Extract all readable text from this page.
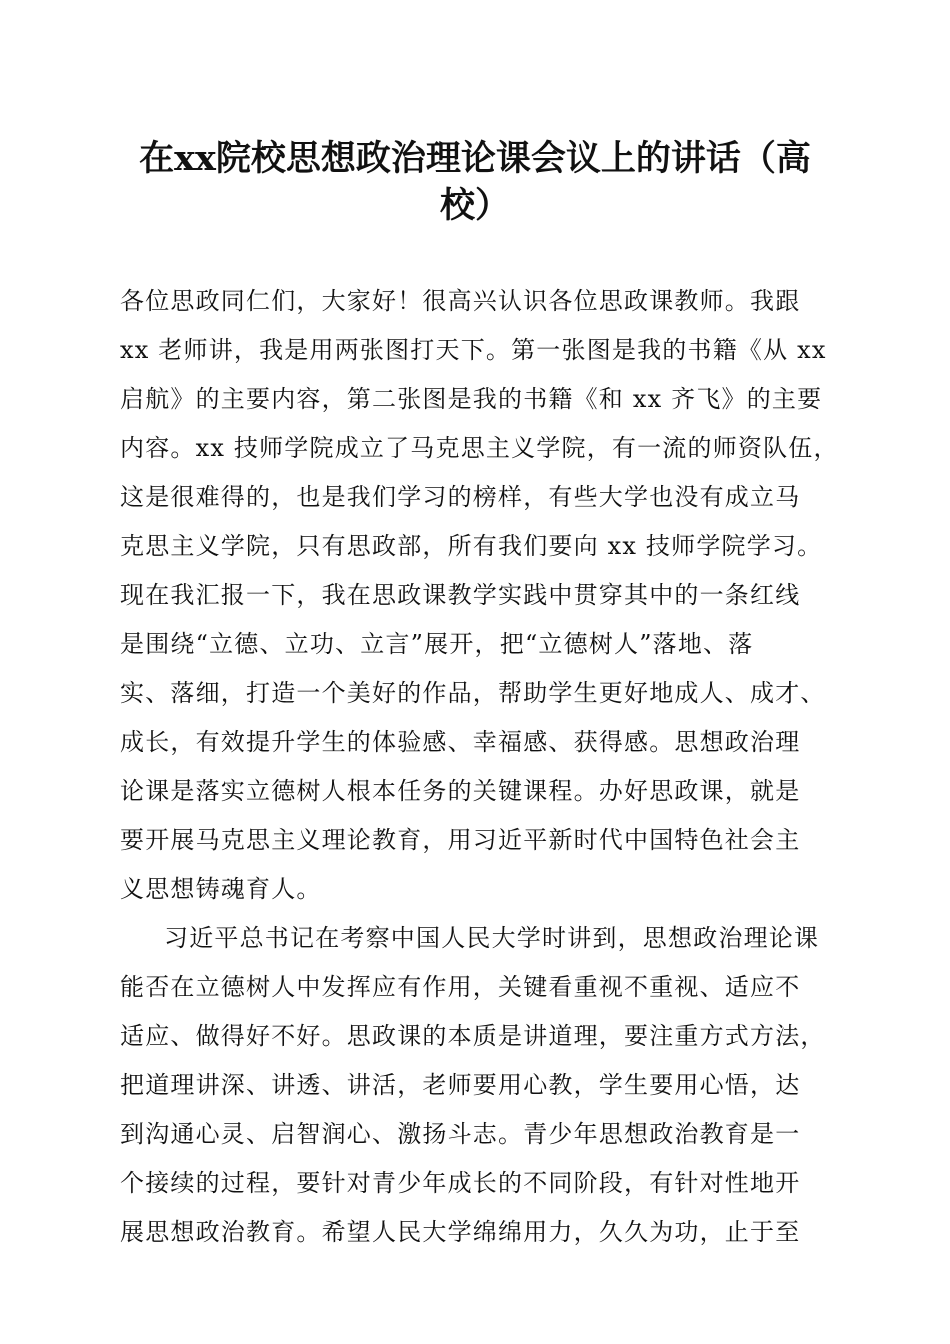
在xx院校思想政治理论课会议上的讲话（高
校）
各位思政同仁们，大家好！很高兴认识各位思政课教师。我跟
xx 老师讲，我是用两张图打天下。第一张图是我的书籍《从 xx
启航》的主要内容，第二张图是我的书籍《和 xx 齐飞》的主要
内容。xx 技师学院成立了马克思主义学院，有一流的师资队伍，
这是很难得的，也是我们学习的榜样，有些大学也没有成立马
克思主义学院，只有思政部，所有我们要向 xx 技师学院学习。
现在我汇报一下，我在思政课教学实践中贯穿其中的一条红线
是围绕“立德、立功、立言”展开，把“立德树人”落地、落
实、落细，打造一个美好的作品，帮助学生更好地成人、成才、
成长，有效提升学生的体验感、幸福感、获得感。思想政治理
论课是落实立德树人根本任务的关键课程。办好思政课，就是
要开展马克思主义理论教育，用习近平新时代中国特色社会主
义思想铸魂育人。
习近平总书记在考察中国人民大学时讲到，思想政治理论课
能否在立德树人中发挥应有作用，关键看重视不重视、适应不
适应、做得好不好。思政课的本质是讲道理，要注重方式方法，
把道理讲深、讲透、讲活，老师要用心教，学生要用心悟，达
到沟通心灵、启智润心、激扬斗志。青少年思想政治教育是一
个接续的过程，要针对青少年成长的不同阶段，有针对性地开
展思想政治教育。希望人民大学绵绵用力，久久为功，止于至
